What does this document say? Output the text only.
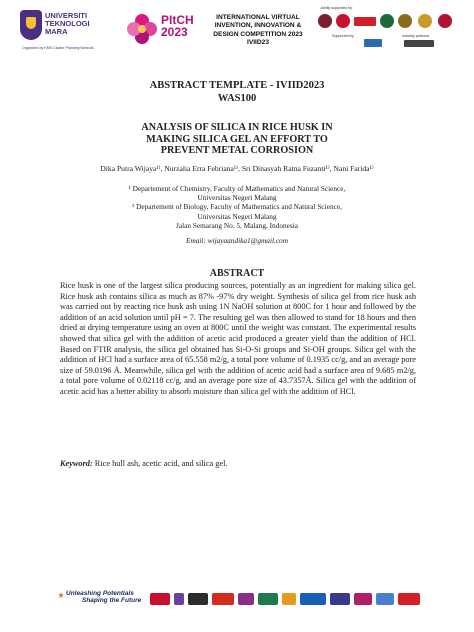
UNIVERSITI
TEKNOLOGI
MARA
Organized by KMS Cluster Planning Network
PItCH
2023
INTERNATIONAL VIRTUAL
INVENTION, INNOVATION &
DESIGN COMPETITION 2023
IVIID23
Jointly supported by:
Supported by:	Industry partners:
ABSTRACT TEMPLATE - IVIID2023
WAS100
ANALYSIS OF SILICA IN RICE HUSK IN MAKING SILICA GEL AN EFFORT TO PREVENT METAL CORROSION
Dika Putra Wijaya¹⁾, Nurzalia Erra Febriana¹⁾, Sri Dinasyah Ratna Fuzanti¹⁾, Nani Farida¹⁾
¹ Departement of Chemistry, Faculty of Mathematics and Natural Science,
Universitas Negeri Malang
² Departement of Biology, Faculty of Mathematics and Natural Science,
Universitas Negeri Malang
Jalan Semarang No. 5, Malang, Indonesia
Email: wijayaandika1@gmail.com
ABSTRACT
Rice husk is one of the largest silica producing sources, potentially as an ingredient for making silica gel. Rice husk ash contains silica as much as 87% -97% dry weight. Synthesis of silica gel from rice husk ash was carried out by reacting rice husk ash using 1N NaOH solution at 800C for 1 hour and followed by the addition of an acid solution until pH = 7. The resulting gel was then allowed to stand for 18 hours and then dried at drying temperature using an oven at 800C until the weight was constant. The experimental results showed that silica gel with the addition of acetic acid produced a greater yield than the addition of HCl. Based on FTIR analysis, the silica gel obtained has Si-O-Si groups and Si-OH groups. Silica gel with the addition of HCl had a surface area of 65.558 m2/g, a total pore volume of 0.1935 cc/g, and an average pore size of 59.0196 Å. Meanwhile, silica gel with the addition of acetic acid had a surface area of 9.685 m2/g, a total pore volume of 0.02118 cc/g, and an average pore size of 43.7357Å. Silica gel with the addition of acetic acid has a better ability to absorb moisture than silica gel with the addition of HCl.
Keyword: Rice hull ash, acetic acid, and silica gel.
Unleashing Potentials
Shaping the Future
